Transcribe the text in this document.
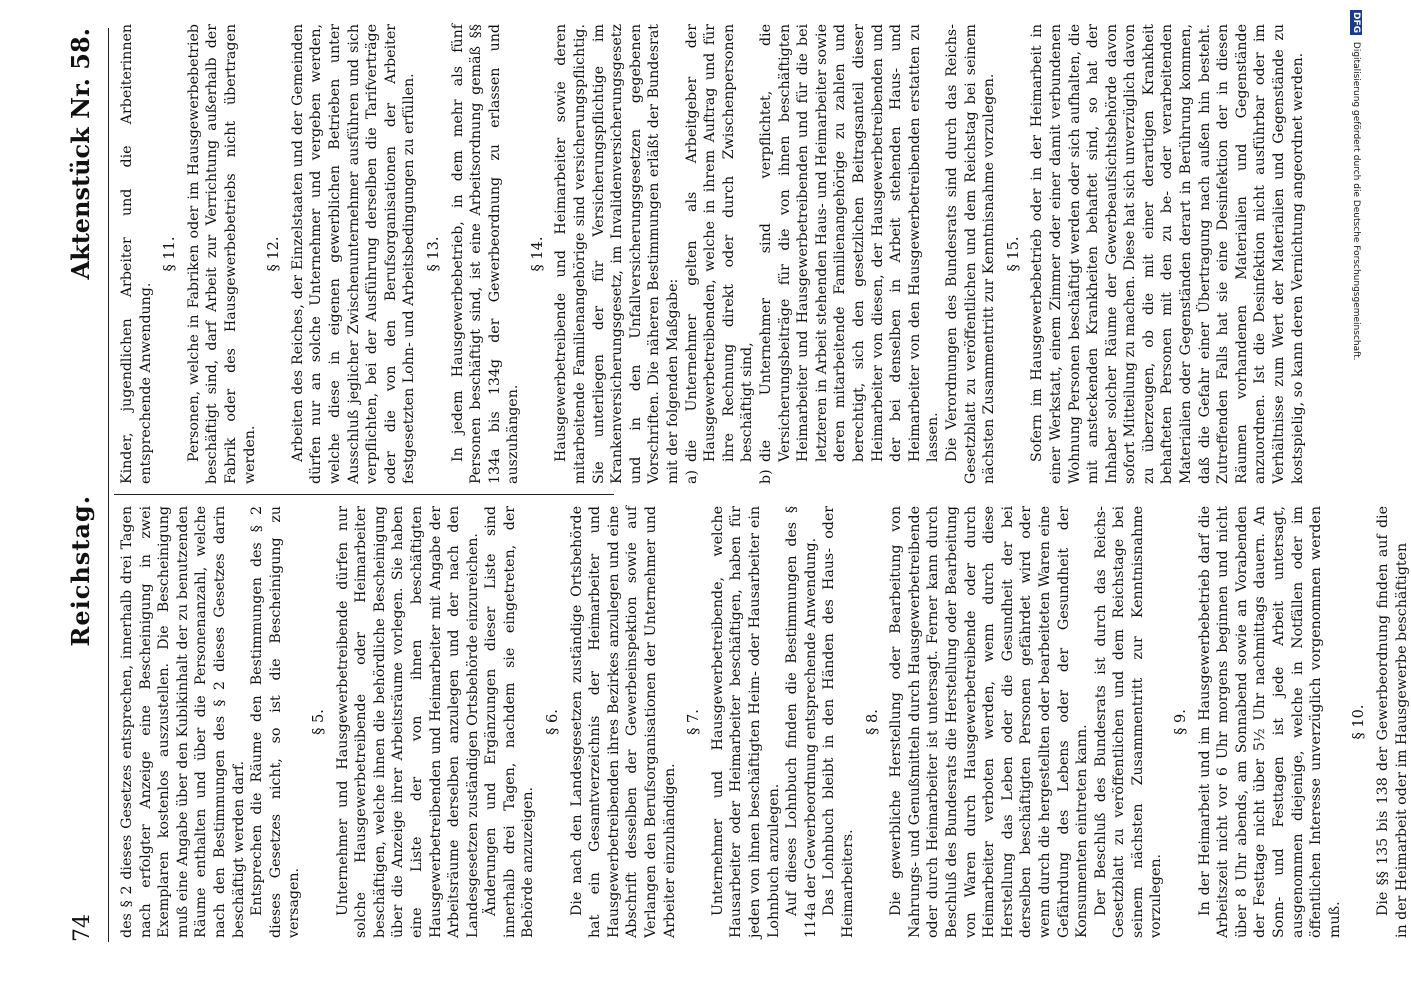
74
Reichstag.
Aktenstück Nr. 58.

des § 2 dieses Gesetzes entsprechen, innerhalb drei Tagen nach erfolgter Anzeige eine Bescheinigung in zwei Exemplaren kostenlos auszustellen. Die Bescheinigung muß eine Angabe über den Kubikinhalt der zu benutzenden Räume enthalten und über die Personenanzahl, welche nach den Bestimmungen des § 2 dieses Gesetzes darin beschäftigt werden darf. Entsprechen die Räume den Bestimmungen des § 2 dieses Gesetzes nicht, so ist die Bescheinigung zu versagen.

§ 5. Unternehmer und Hausgewerbetreibende dürfen nur solche Hausgewerbetreibende oder Heimarbeiter beschäftigen, welche ihnen die behördliche Bescheinigung über die Anzeige ihrer Arbeitsräume vorlegen. Sie haben eine Liste der von ihnen beschäftigten Hausgewerbetreibenden und Heimarbeiter mit Angabe der Arbeitsräume derselben anzulegen und der nach den Landesgesetzen zuständigen Ortsbehörde einzureichen. Änderungen und Ergänzungen dieser Liste sind innerhalb drei Tagen, nachdem sie eingetreten, der Behörde anzuzeigen.

§ 6. Die nach den Landesgesetzen zuständige Ortsbehörde hat ein Gesamtverzeichnis der Heimarbeiter und Hausgewerbetreibenden ihres Bezirkes anzulegen und eine Abschrift desselben der Gewerbeinspektion sowie auf Verlangen den Berufsorganisationen der Unternehmer und Arbeiter einzuhändigen.

§ 7. Unternehmer und Hausgewerbetreibende, welche Hausarbeiter oder Heimarbeiter beschäftigen, haben für jeden von ihnen beschäftigten Heim- oder Hausarbeiter ein Lohnbuch anzulegen. Auf dieses Lohnbuch finden die Bestimmungen des § 114a der Gewerbeordnung entsprechende Anwendung. Das Lohnbuch bleibt in den Händen des Haus- oder Heimarbeiters.

§ 8. Die gewerbliche Herstellung oder Bearbeitung von Nahrungs- und Genußmitteln durch Hausgewerbetreibende oder durch Heimarbeiter ist untersagt. Ferner kann durch Beschluß des Bundesrats die Herstellung oder Bearbeitung von Waren durch Hausgewerbetreibende oder durch Heimarbeiter verboten werden, wenn durch diese Herstellung das Leben oder die Gesundheit der bei derselben beschäftigten Personen gefährdet wird oder wenn durch die hergestellten oder bearbeiteten Waren eine Gefährdung des Lebens oder der Gesundheit der Konsumenten eintreten kann. Der Beschluß des Bundesrats ist durch das Reichs-Gesetzblatt zu veröffentlichen und dem Reichstage bei seinem nächsten Zusammentritt zur Kenntnisnahme vorzulegen.

§ 9. In der Heimarbeit und im Hausgewerbebetrieb darf die Arbeitszeit nicht vor 6 Uhr morgens beginnen und nicht über 8 Uhr abends, am Sonnabend sowie an Vorabenden der Festtage nicht über 5½ Uhr nachmittags dauern. An Sonn- und Festtagen ist jede Arbeit untersagt, ausgenommen diejenige, welche in Notfällen oder im öffentlichen Interesse unverzüglich vorgenommen werden muß.

§ 10. Die §§ 135 bis 138 der Gewerbeordnung finden auf die in der Heimarbeit oder im Hausgewerbe beschäftigten

Kinder, jugendlichen Arbeiter und die Arbeiterinnen entsprechende Anwendung.

§ 11. Personen, welche in Fabriken oder im Hausgewerbebetrieb beschäftigt sind, darf Arbeit zur Verrichtung außerhalb der Fabrik oder des Hausgewerbebetriebs nicht übertragen werden.

§ 12. Arbeiten des Reiches, der Einzelstaaten und der Gemeinden dürfen nur an solche Unternehmer und vergeben werden, welche diese in eigenen gewerblichen Betrieben unter Ausschluß jeglicher Zwischenunternehmer ausführen und sich verpflichten, bei der Ausführung derselben die Tarifverträge oder die von den Berufsorganisationen der Arbeiter festgesetzten Lohn- und Arbeitsbedingungen zu erfüllen. § 13. In jedem Hausgewerbebetrieb, in dem mehr als fünf Personen beschäftigt sind, ist eine Arbeitsordnung gemäß §§ 134a bis 134g der Gewerbeordnung zu erlassen und auszuhängen.

§ 14. Hausgewerbetreibende und Heimarbeiter sowie deren mitarbeitende Familienangehörige sind versicherungspflichtig. Sie unterliegen der für Versicherungspflichtige im Krankenversicherungsgesetz, im Invalidenversicherungsgesetz und in den Unfallversicherungsgesetzen gegebenen Vorschriften. Die näheren Bestimmungen erläßt der Bundesrat mit der folgenden Maßgabe: a)
die Unternehmer gelten als Arbeitgeber der Hausgewerbetreibenden, welche in ihrem Auftrag und für ihre Rechnung direkt oder durch Zwischenpersonen beschäftigt sind,
b)
die Unternehmer sind verpflichtet, die Versicherungsbeiträge für die von ihnen beschäftigten Heimarbeiter und Hausgewerbetreibenden und für die bei letzteren in Arbeit stehenden Haus- und Heimarbeiter sowie deren mitarbeitende Familienangehörige zu zahlen und berechtigt, sich den gesetzlichen Beitragsanteil dieser Heimarbeiter von diesen, der Hausgewerbetreibenden und der bei denselben in Arbeit stehenden Haus- und Heimarbeiter von den Hausgewerbetreibenden erstatten zu lassen. Die Verordnungen des Bundesrats sind durch das Reichs-Gesetzblatt zu veröffentlichen und dem Reichstag bei seinem nächsten Zusammentritt zur Kenntnisnahme vorzulegen. § 15. Sofern im Hausgewerbebetrieb oder in der Heimarbeit in einer Werkstatt, einem Zimmer oder einer damit verbundenen Wohnung Personen beschäftigt werden oder sich aufhalten, die mit ansteckenden Krankheiten behaftet sind, so hat der Inhaber solcher Räume der Gewerbeaufsichtsbehörde davon sofort Mitteilung zu machen. Diese hat sich unverzüglich davon zu überzeugen, ob die mit einer derartigen Krankheit behafteten Personen mit den zu be- oder verarbeitenden Materialien oder Gegenständen derart in Berührung kommen, daß die Gefahr einer Übertragung nach außen hin besteht. Zutreffenden Falls hat sie eine Desinfektion der in diesen Räumen vorhandenen Materialien und Gegenstände anzuordnen. Ist die Desinfektion nicht ausführbar oder im Verhältnisse zum Wert der Materialien und Gegenstände zu kostspielig, so kann deren Vernichtung angeordnet werden.

DFG Digitalisierung gefördert durch die Deutsche Forschungsgemeinschaft.
